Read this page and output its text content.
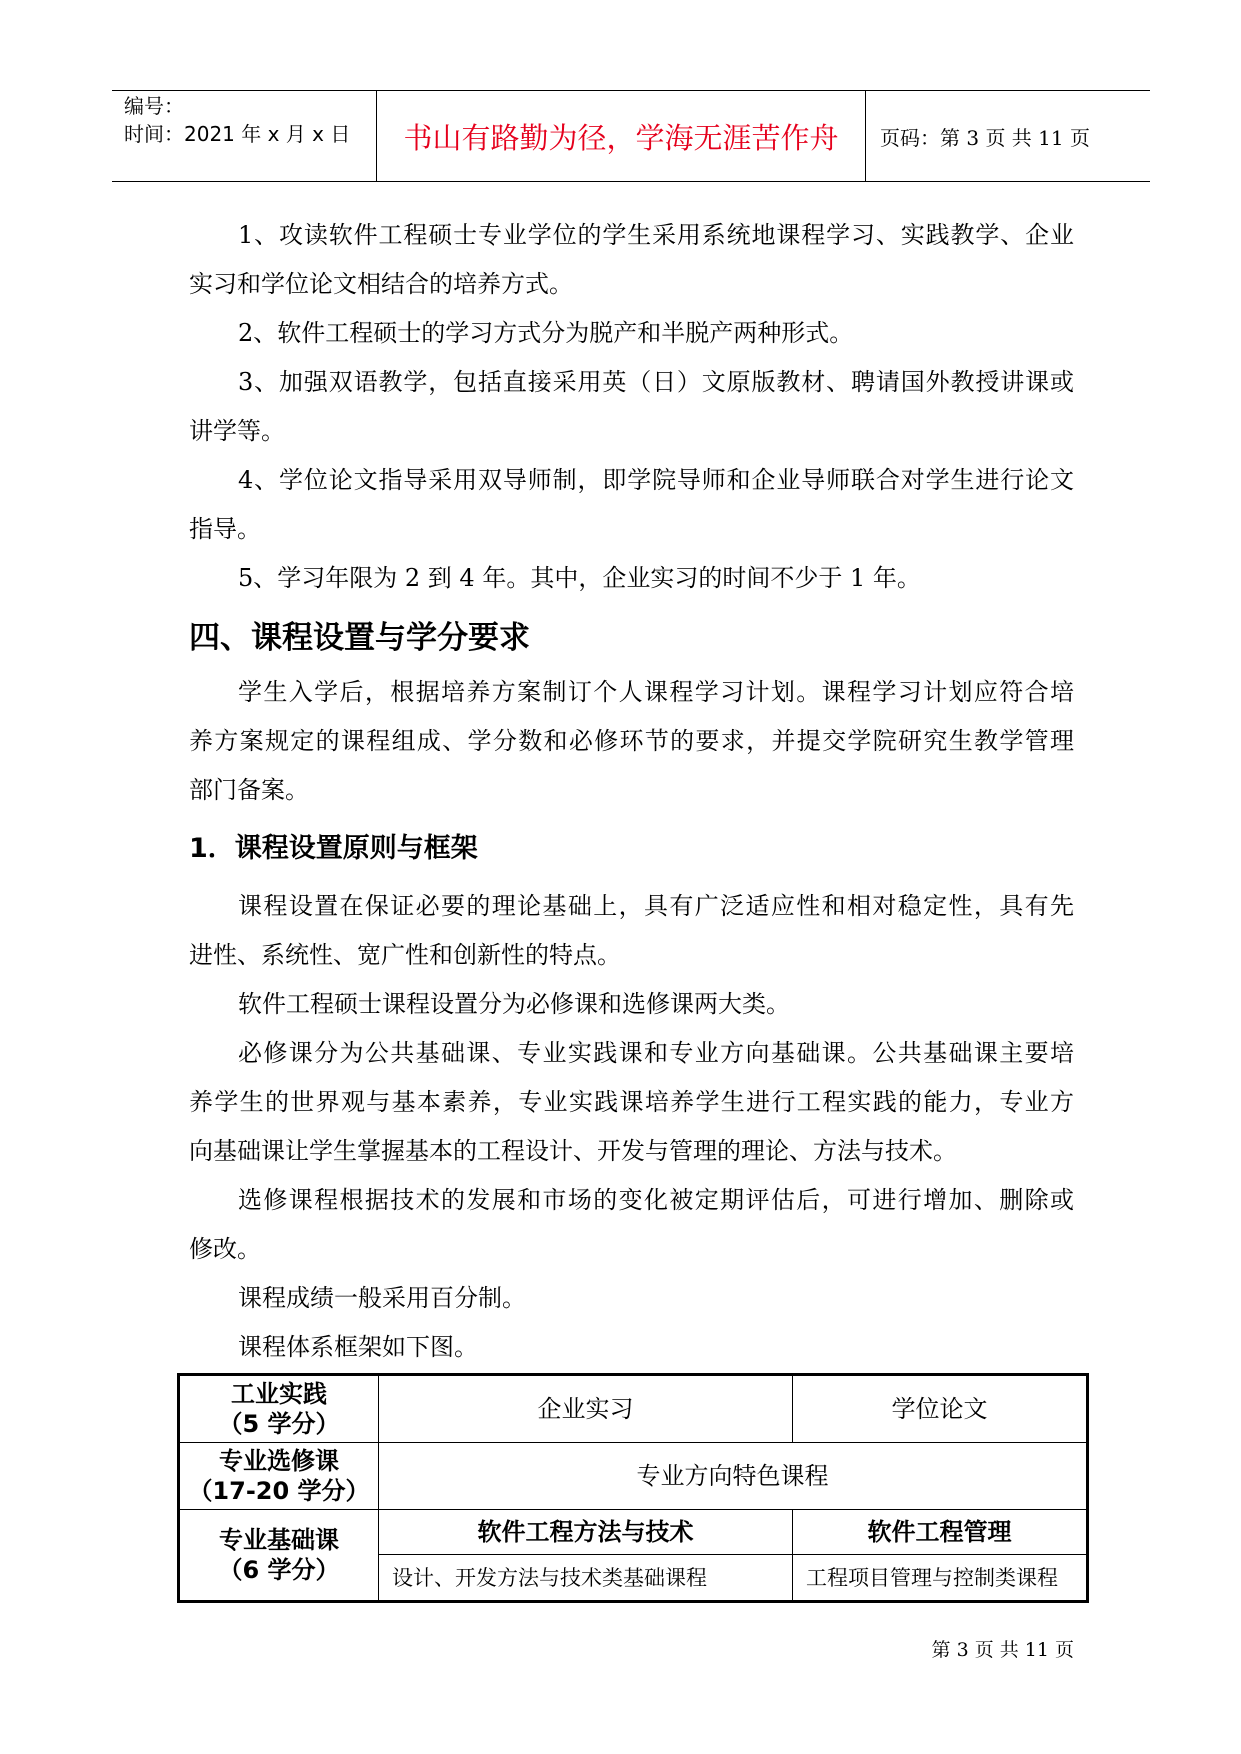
编号：
时间：2021 年 x 月 x 日	书山有路勤为径，学海无涯苦作舟 页码：第 3 页 共 11 页
1、攻读软件工程硕士专业学位的学生采用系统地课程学习、实践教学、企业
实习和学位论文相结合的培养方式。
2、软件工程硕士的学习方式分为脱产和半脱产两种形式。
3、加强双语教学，包括直接采用英（日）文原版教材、聘请国外教授讲课或
讲学等。
4、学位论文指导采用双导师制，即学院导师和企业导师联合对学生进行论文
指导。
5、学习年限为 2 到 4 年。其中，企业实习的时间不少于 1 年。
四、课程设置与学分要求
学生入学后，根据培养方案制订个人课程学习计划。课程学习计划应符合培
养方案规定的课程组成、学分数和必修环节的要求，并提交学院研究生教学管理
部门备案。
1．课程设置原则与框架
课程设置在保证必要的理论基础上，具有广泛适应性和相对稳定性，具有先
进性、系统性、宽广性和创新性的特点。
软件工程硕士课程设置分为必修课和选修课两大类。
必修课分为公共基础课、专业实践课和专业方向基础课。公共基础课主要培
养学生的世界观与基本素养，专业实践课培养学生进行工程实践的能力，专业方
向基础课让学生掌握基本的工程设计、开发与管理的理论、方法与技术。
选修课程根据技术的发展和市场的变化被定期评估后，可进行增加、删除或
修改。
课程成绩一般采用百分制。
课程体系框架如下图。
工业实践
（5 学分）	企业实习	学位论文

专业选修课
（17-20 学分）	专业方向特色课程	

专业基础课
（6 学分）	软件工程方法与技术	软件工程管理
	设计、开发方法与技术类基础课程	工程项目管理与控制类课程
第 3 页 共 11 页
